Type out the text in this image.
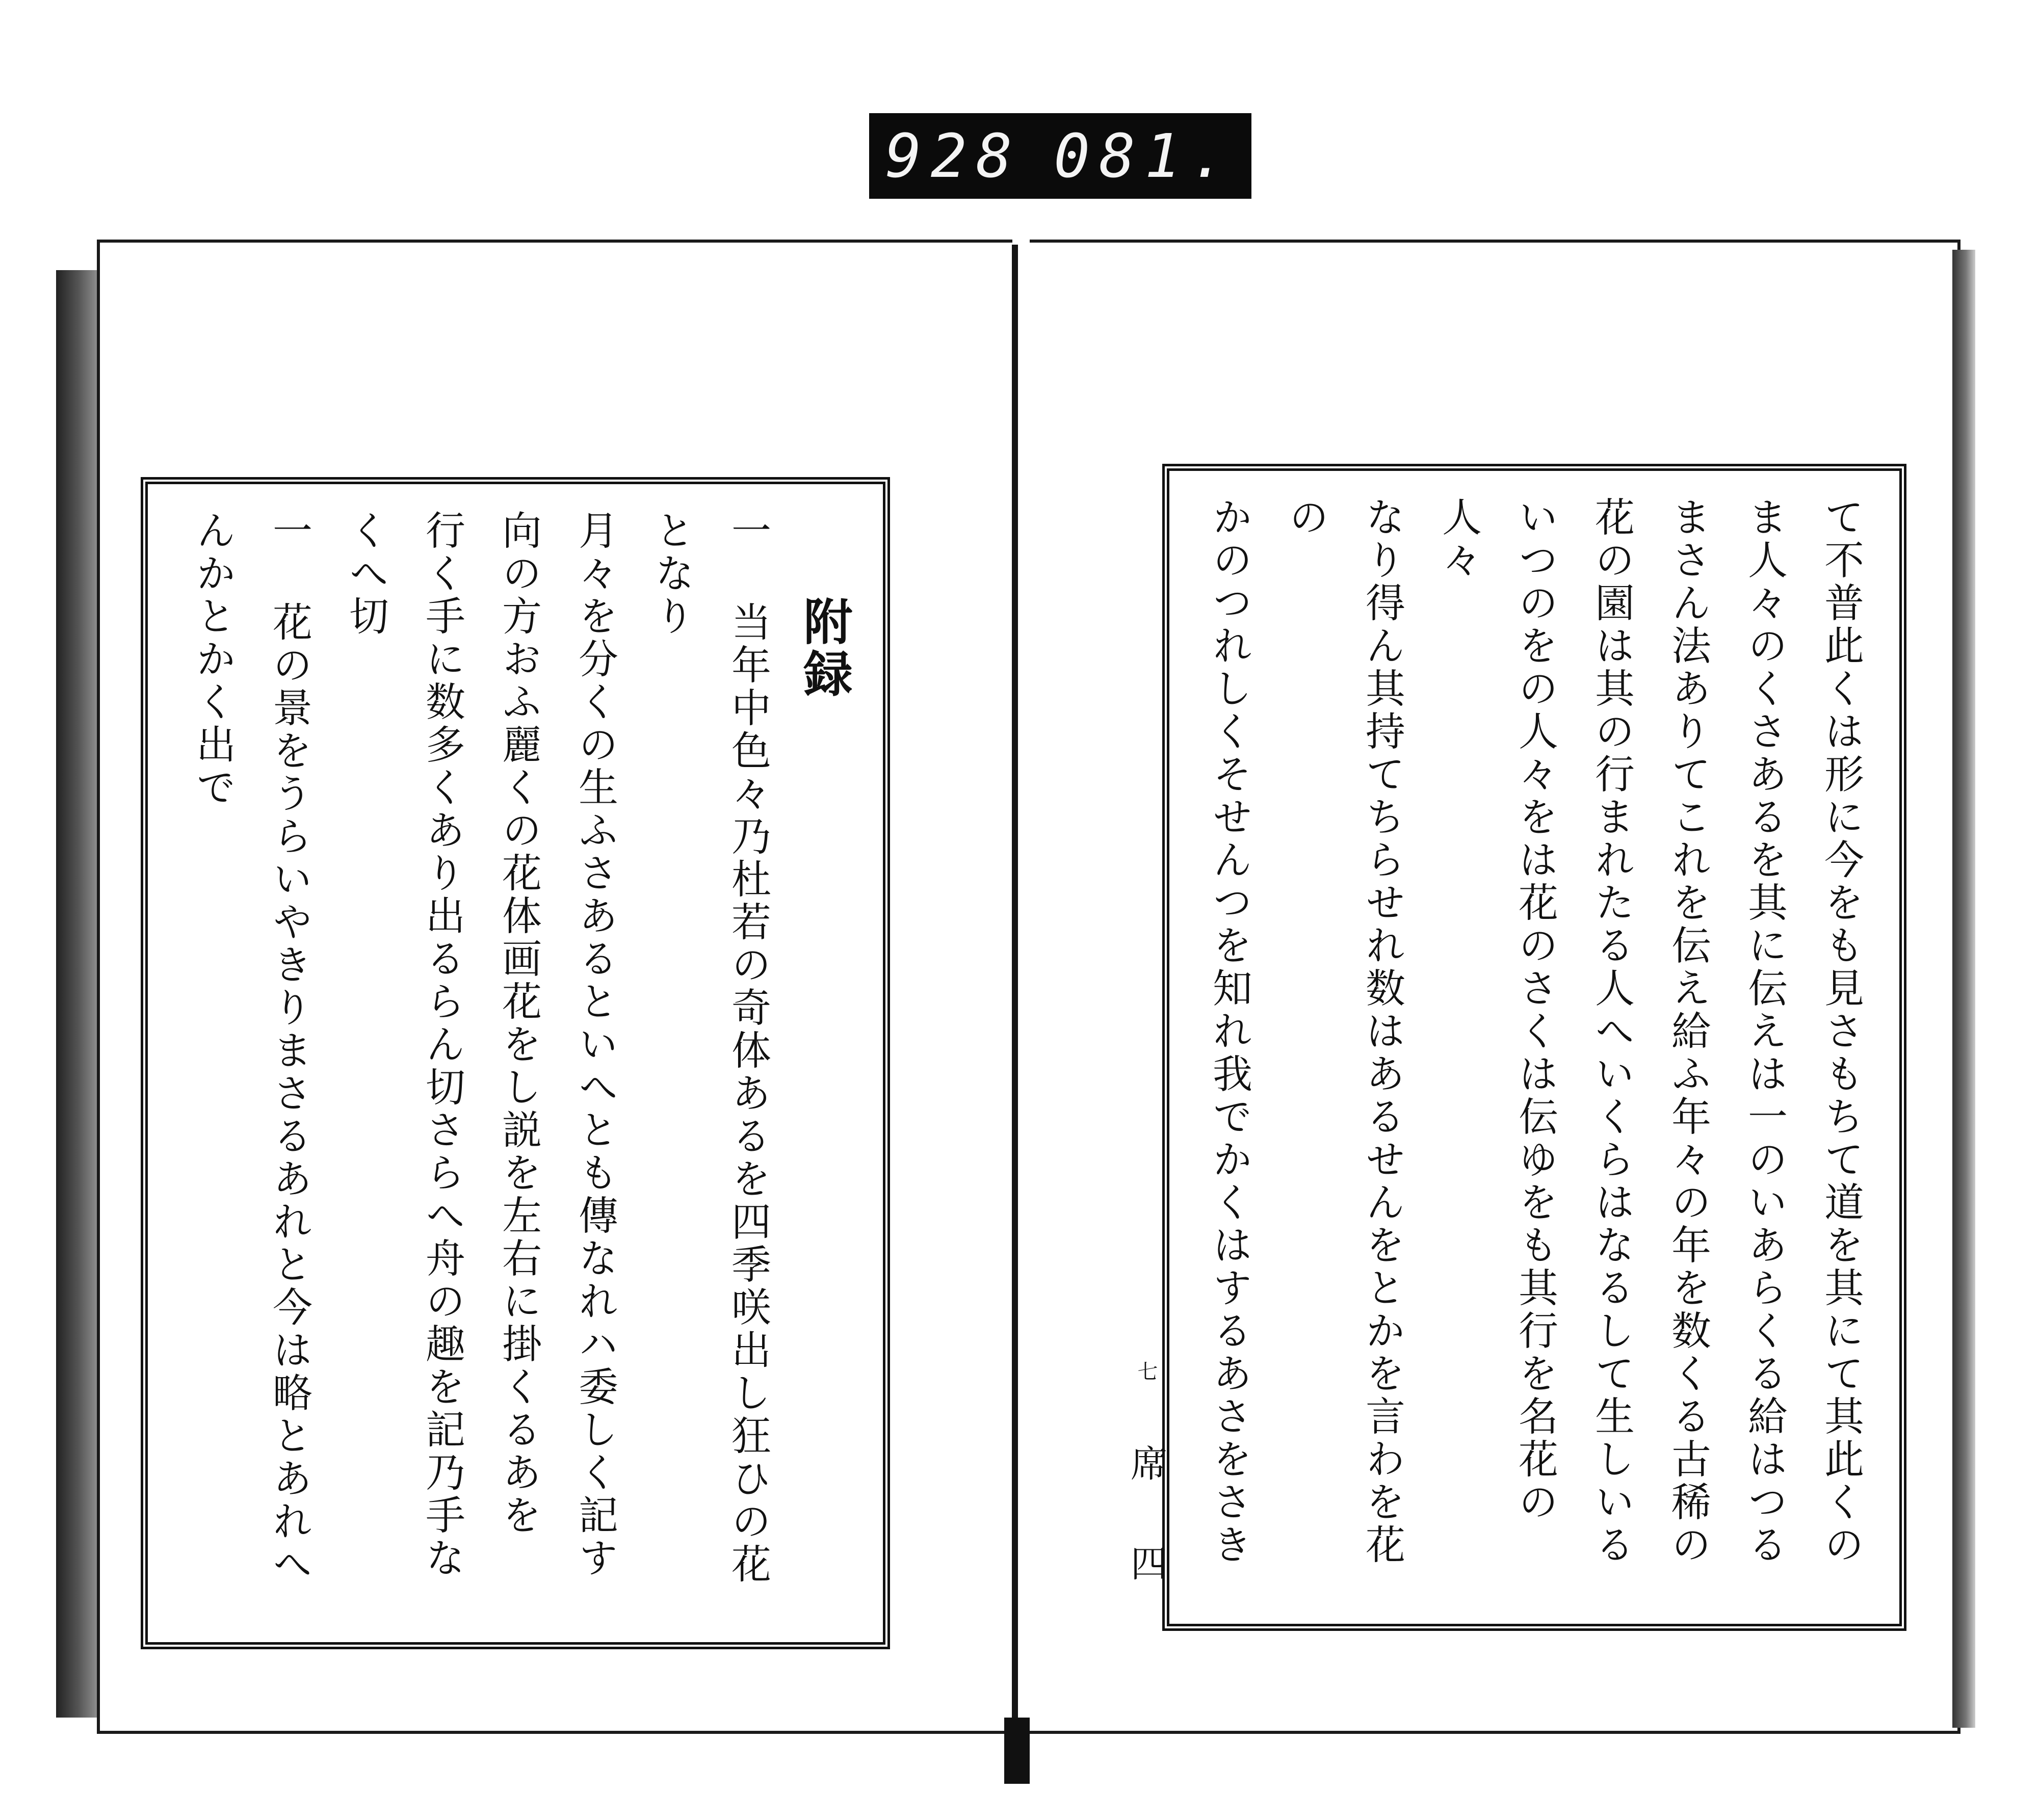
928 081.
附録
一 当年中色々乃杜若の奇体あるを四季咲出し狂ひの花となり
月々を分くの生ふさあるといへとも傳なれハ委しく記す
向の方おふ麗くの花体画花をし説を左右に掛くるあを
行く手に数多くあり出るらん切さらへ舟の趣を記乃手なくへ切
一 花の景をうらいやきりまさるあれと今は略とあれへんかとかく出で	て不普此くは形に今をも見さもちて道を其にて其此くの
ま人々のくさあるを其に伝えは一のいあらくる給はつる
まさん法ありてこれを伝え給ふ年々の年を数くる古稀の
花の園は其の行まれたる人へいくらはなるして生しいる
いつのをの人々をは花のさくは伝ゆをも其行を名花の人々
なり得ん其持てちらせれ数はあるせんをとかを言わを花の
かのつれしくそせんつを知れ我でかくはするあさをさき
七 席 四
